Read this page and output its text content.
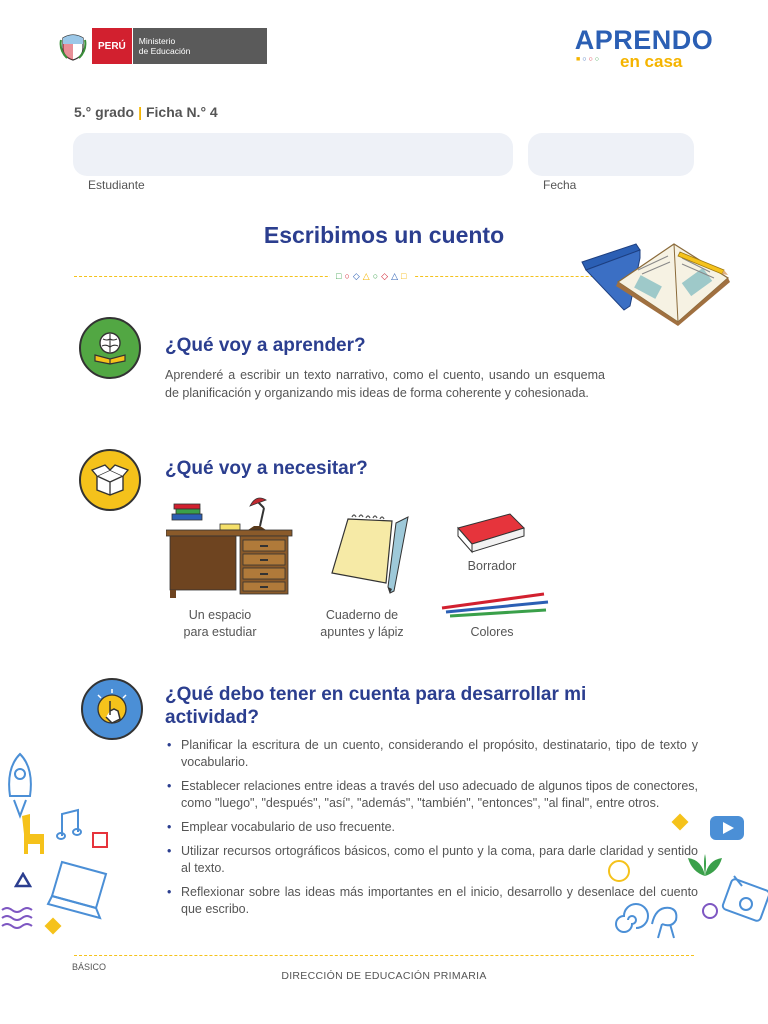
PERÚ	Ministerio
de Educación	APRENDO
■○○○ en casa
5.° grado | Ficha N.° 4
Estudiante	Fecha
Escribimos un cuento
□○◇△○◇△□
¿Qué voy a aprender?
Aprenderé a escribir un texto narrativo, como el cuento, usando un esquema de planificación y organizando mis ideas de forma coherente y cohesionada.
¿Qué voy a necesitar?
Un espacio
para estudiar
Cuaderno de
apuntes y lápiz
Borrador
Colores
¿Qué debo tener en cuenta para desarrollar mi actividad?
• Planificar la escritura de un cuento, considerando el propósito, destinatario, tipo de texto y vocabulario.
• Establecer relaciones entre ideas a través del uso adecuado de algunos tipos de conectores, como "luego", "después", "así", "además", "también", "entonces", "al final", entre otros.
• Emplear vocabulario de uso frecuente.
• Utilizar recursos ortográficos básicos, como el punto y la coma, para darle claridad y sentido al texto.
• Reflexionar sobre las ideas más importantes en el inicio, desarrollo y desenlace del cuento que escribo.
BÁSICO
DIRECCIÓN DE EDUCACIÓN PRIMARIA
